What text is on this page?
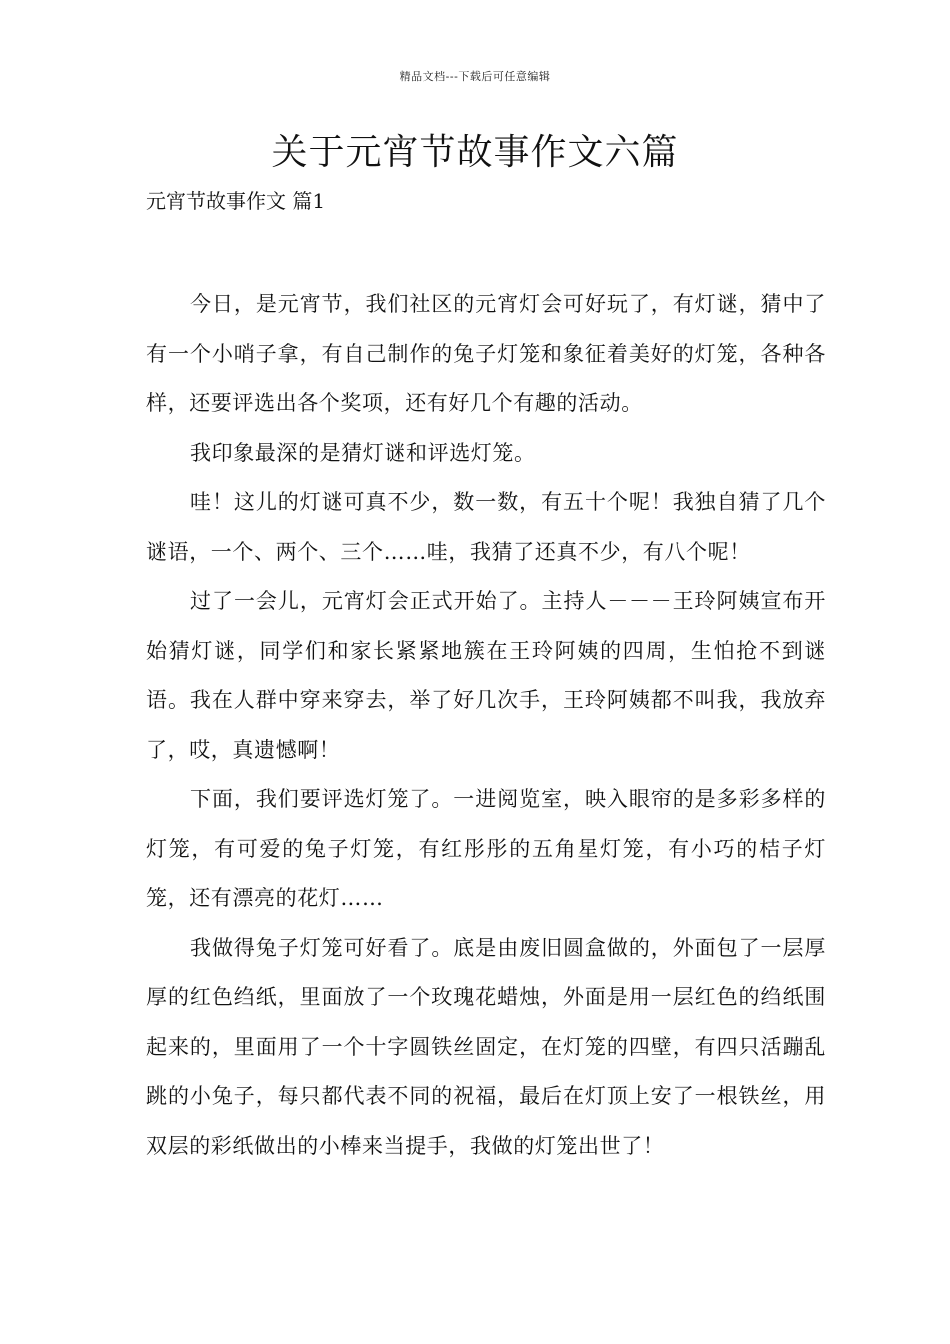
精品文档---下载后可任意编辑
关于元宵节故事作文六篇
元宵节故事作文 篇1

今日，是元宵节，我们社区的元宵灯会可好玩了，有灯谜，猜中了有一个小哨子拿，有自己制作的兔子灯笼和象征着美好的灯笼，各种各样，还要评选出各个奖项，还有好几个有趣的活动。

我印象最深的是猜灯谜和评选灯笼。

哇！这儿的灯谜可真不少，数一数，有五十个呢！我独自猜了几个谜语，一个、两个、三个……哇，我猜了还真不少，有八个呢！

过了一会儿，元宵灯会正式开始了。主持人－－－王玲阿姨宣布开始猜灯谜，同学们和家长紧紧地簇在王玲阿姨的四周，生怕抢不到谜语。我在人群中穿来穿去，举了好几次手，王玲阿姨都不叫我，我放弃了，哎，真遗憾啊！

下面，我们要评选灯笼了。一进阅览室，映入眼帘的是多彩多样的灯笼，有可爱的兔子灯笼，有红彤彤的五角星灯笼，有小巧的桔子灯笼，还有漂亮的花灯……

我做得兔子灯笼可好看了。底是由废旧圆盒做的，外面包了一层厚厚的红色绉纸，里面放了一个玫瑰花蜡烛，外面是用一层红色的绉纸围起来的，里面用了一个十字圆铁丝固定，在灯笼的四壁，有四只活蹦乱跳的小兔子，每只都代表不同的祝福，最后在灯顶上安了一根铁丝，用双层的彩纸做出的小棒来当提手，我做的灯笼出世了！
